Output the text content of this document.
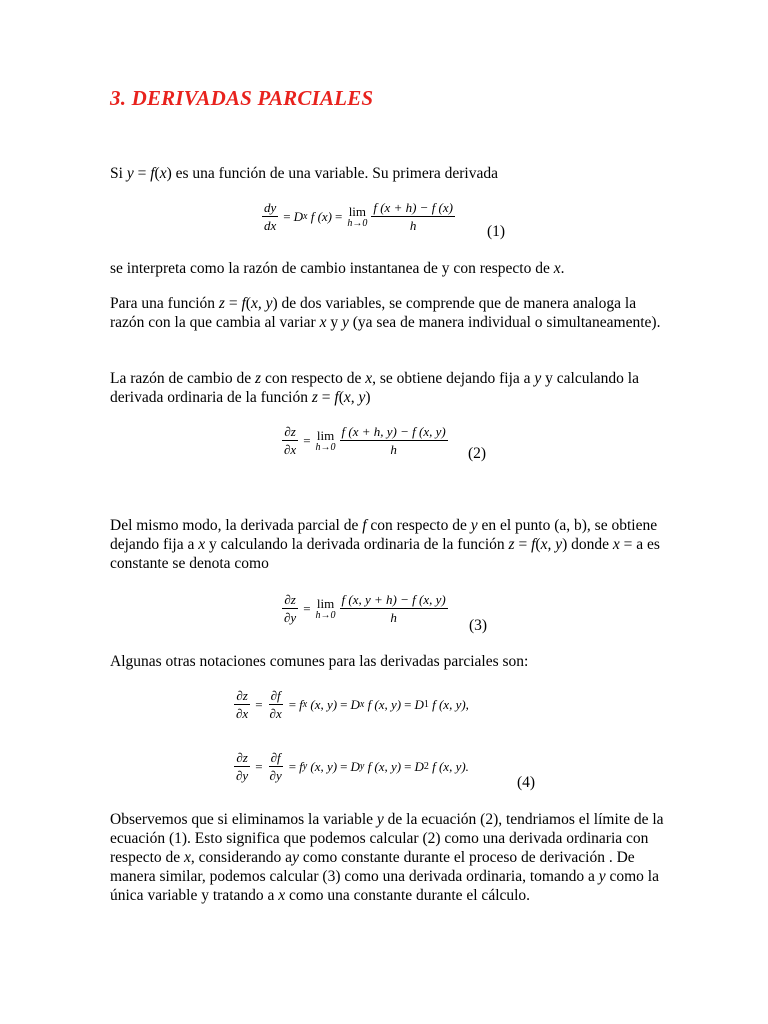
3. DERIVADAS PARCIALES

Si y = f(x) es una función de una variable. Su primera derivada

$\frac{dy}{dx} = D$ x
f (x) = lim
$h\to 0 \frac{f (x + h) - f (x)}{h} (1)$

se interpreta como la razón de cambio instantanea de y con respecto de x.

Para una función z = f(x, y) de dos variables, se comprende que de manera analoga la razón con la que cambia al variar x y y (ya sea de manera individual o simultaneamente).

La razón de cambio de z con respecto de x, se obtiene dejando fija a y y calculando la derivada ordinaria de la función z = f(x, y)

$\frac{\partial z}{\partial x} = \lim$
$h\to 0 \frac{f (x + h, y) - f (x, y)}{h} (2)$

Del mismo modo, la derivada parcial de f con respecto de y en el punto (a, b), se obtiene dejando fija a x y calculando la derivada ordinaria de la función z = f(x, y) donde x = a es constante se denota como

$\frac{\partial z}{\partial y} = \lim$
$h\to 0 \frac{f (x, y + h) - f (x, y)}{h}$
(3)

Algunas otras notaciones comunes para las derivadas parciales son:

$\frac{\partial z}{\partial x} = \frac{\partial f}{\partial x} = f$ x
(x, y) = D x
f (x, y) = D 1
f (x, y),
$\frac{\partial z}{\partial y} = \frac{\partial f}{\partial y} = f$ y
(x, y) = D y
f (x, y) = D 2
f (x, y).
(4)

Observemos que si eliminamos la variable y de la ecuación (2), tendriamos el límite de la ecuación (1). Esto significa que podemos calcular (2) como una derivada ordinaria con respecto de x, considerando ay como constante durante el proceso de derivación . De manera similar, podemos calcular (3) como una derivada ordinaria, tomando a y como la única variable y tratando a x como una constante durante el cálculo.
